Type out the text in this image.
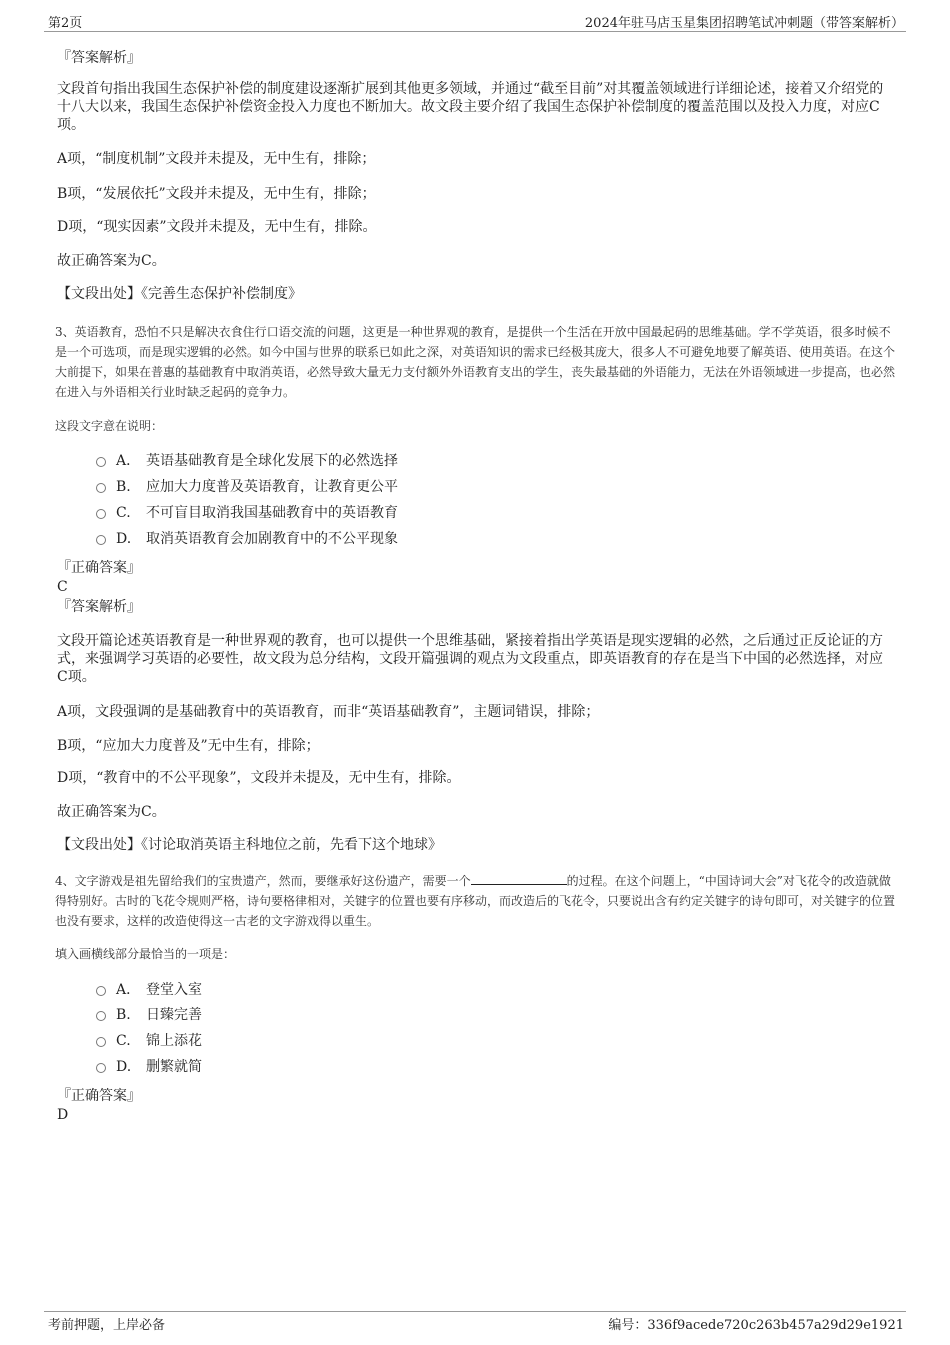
第2页	2024年驻马店玉星集团招聘笔试冲刺题（带答案解析）
『答案解析』
文段首句指出我国生态保护补偿的制度建设逐渐扩展到其他更多领域，并通过“截至目前”对其覆盖领域进行详细论述，接着又介绍党的十八大以来，我国生态保护补偿资金投入力度也不断加大。故文段主要介绍了我国生态保护补偿制度的覆盖范围以及投入力度，对应C项。
A项，“制度机制”文段并未提及，无中生有，排除；
B项，“发展依托”文段并未提及，无中生有，排除；
D项，“现实因素”文段并未提及，无中生有，排除。
故正确答案为C。
【文段出处】《完善生态保护补偿制度》
3、英语教育，恐怕不只是解决衣食住行口语交流的问题，这更是一种世界观的教育，是提供一个生活在开放中国最起码的思维基础。学不学英语，很多时候不是一个可选项，而是现实逻辑的必然。如今中国与世界的联系已如此之深，对英语知识的需求已经极其庞大，很多人不可避免地要了解英语、使用英语。在这个大前提下，如果在普惠的基础教育中取消英语，必然导致大量无力支付额外外语教育支出的学生，丧失最基础的外语能力，无法在外语领域进一步提高，也必然在进入与外语相关行业时缺乏起码的竞争力。
这段文字意在说明：
A． 英语基础教育是全球化发展下的必然选择
B. 应加大力度普及英语教育，让教育更公平
C. 不可盲目取消我国基础教育中的英语教育
D. 取消英语教育会加剧教育中的不公平现象
『正确答案』
C
『答案解析』
文段开篇论述英语教育是一种世界观的教育，也可以提供一个思维基础，紧接着指出学英语是现实逻辑的必然，之后通过正反论证的方式，来强调学习英语的必要性，故文段为总分结构，文段开篇强调的观点为文段重点，即英语教育的存在是当下中国的必然选择，对应C项。
A项，文段强调的是基础教育中的英语教育，而非“英语基础教育”，主题词错误，排除；
B项，“应加大力度普及”无中生有，排除；
D项，“教育中的不公平现象”，文段并未提及，无中生有，排除。
故正确答案为C。
【文段出处】《讨论取消英语主科地位之前，先看下这个地球》
4、文字游戏是祖先留给我们的宝贵遗产，然而，要继承好这份遗产，需要一个	的过程。在这个问题上，“中国诗词大会”对飞花令的改造就做得特别好。古时的飞花令规则严格，诗句要格律相对，关键字的位置也要有序移动，而改造后的飞花令，只要说出含有约定关键字的诗句即可，对关键字的位置也没有要求，这样的改造使得这一古老的文字游戏得以重生。
填入画横线部分最恰当的一项是：
A． 登堂入室
B. 日臻完善
C. 锦上添花
D. 删繁就简
『正确答案』
D
考前押题，上岸必备	编号：336f9acede720c263b457a29d29e1921
